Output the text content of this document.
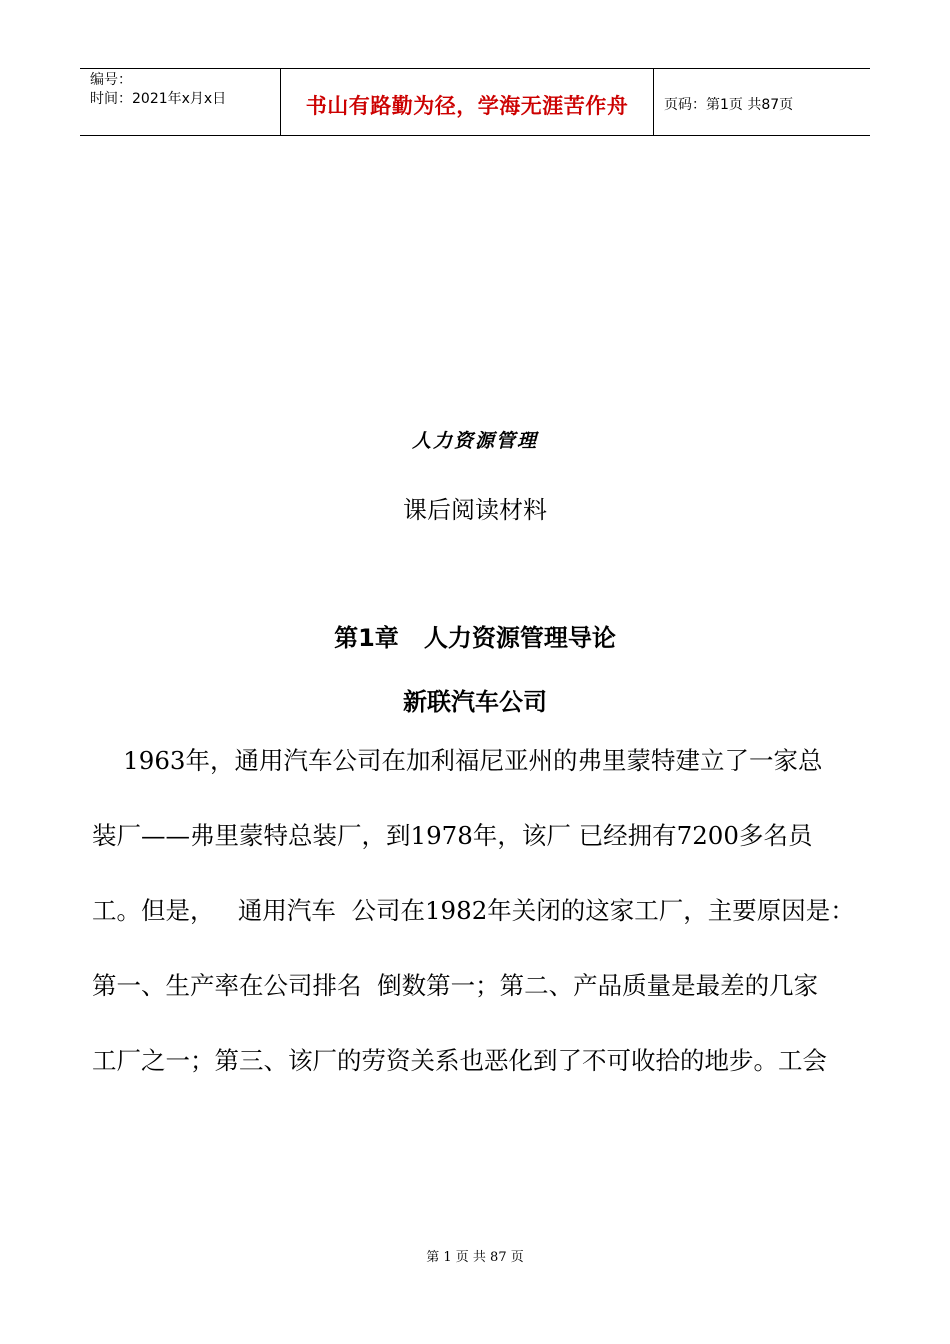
编号：
时间：2021年x月x日	书山有路勤为径，学海无涯苦作舟	页码：第1页 共87页
人力资源管理
课后阅读材料
第1章   人力资源管理导论
新联汽车公司
1963年，通用汽车公司在加利福尼亚州的弗里蒙特建立了一家总
装厂——弗里蒙特总装厂，到1978年，该厂 已经拥有7200多名员
工。但是，   通用汽车  公司在1982年关闭的这家工厂，主要原因是：
第一、生产率在公司排名  倒数第一；第二、产品质量是最差的几家
工厂之一；第三、该厂的劳资关系也恶化到了不可收拾的地步。工会
第 1 页 共 87 页
